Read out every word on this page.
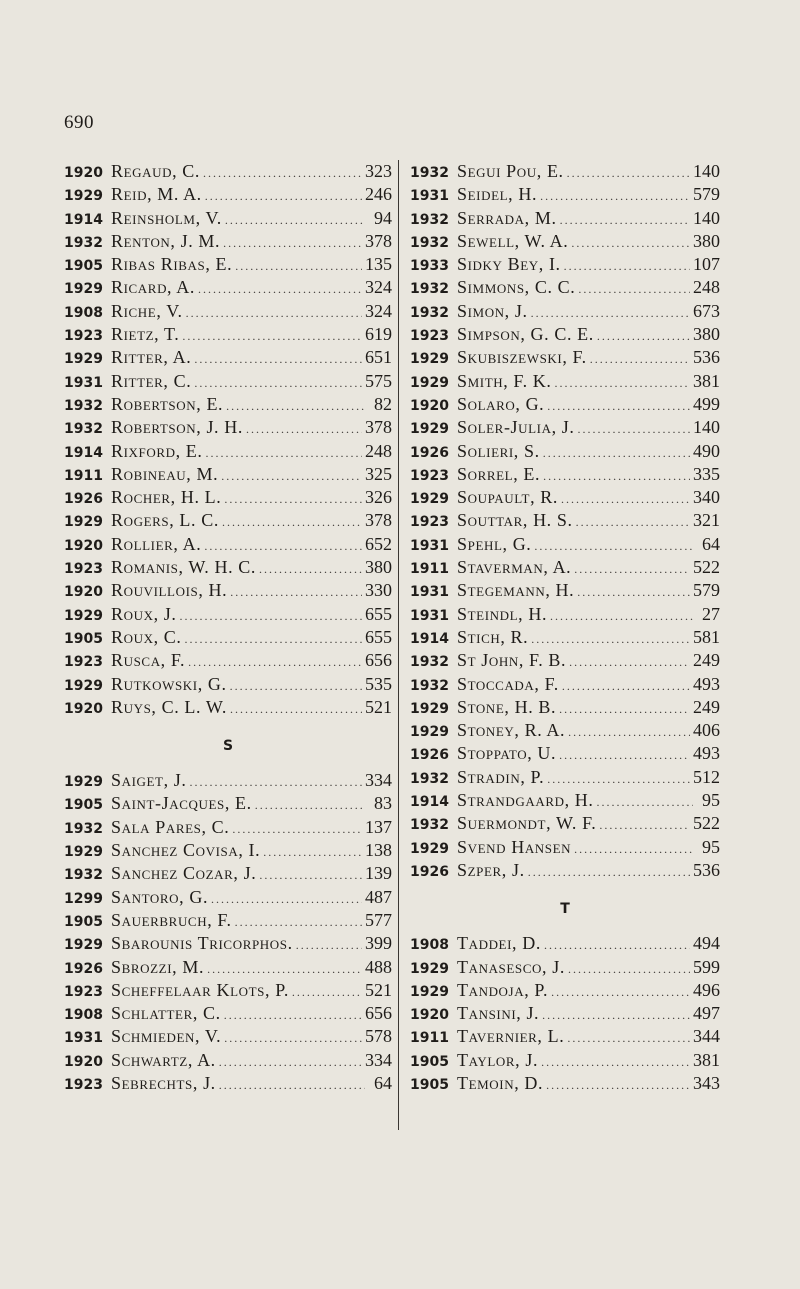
690
1920 Regaud, C. .....	323
1929 Reid, M. A. .....	246
1914 Reinsholm, V. .....	94
1932 Renton, J. M. .....	378
1905 Ribas Ribas, E. .....	135
1929 Ricard, A. .....	324
1908 Riche, V. .....	324
1923 Rietz, T. .....	619
1929 Ritter, A. .....	651
1931 Ritter, C. .....	575
1932 Robertson, E. .....	82
1932 Robertson, J. H. .....	378
1914 Rixford, E. .....	248
1911 Robineau, M. .....	325
1926 Rocher, H. L. .....	326
1929 Rogers, L. C. .....	378
1920 Rollier, A. .....	652
1923 Romanis, W. H. C. .....	380
1920 Rouvillois, H. .....	330
1929 Roux, J. .....	655
1905 Roux, C. .....	655
1923 Rusca, F. .....	656
1929 Rutkowski, G. .....	535
1920 Ruys, C. L. W. .....	521
S
1929 Saiget, J. .....	334
1905 Saint-Jacques, E. .....	83
1932 Sala Pares, C. .....	137
1929 Sanchez Covisa, I. .....	138
1932 Sanchez Cozar, J. .....	139
1299 Santoro, G. .....	487
1905 Sauerbruch, F. .....	577
1929 Sbarounis Tricorphos. .....	399
1926 Sbrozzi, M. .....	488
1923 Scheffelaar Klots, P. .....	521
1908 Schlatter, C. .....	656
1931 Schmieden, V. .....	578
1920 Schwartz, A. .....	334
1923 Sebrechts, J. .....	64
1932 Segui Pou, E. .....	140
1931 Seidel, H. .....	579
1932 Serrada, M. .....	140
1932 Sewell, W. A. .....	380
1933 Sidky Bey, I. .....	107
1932 Simmons, C. C. .....	248
1932 Simon, J. .....	673
1923 Simpson, G. C. E. .....	380
1929 Skubiszewski, F. .....	536
1929 Smith, F. K. .....	381
1920 Solaro, G. .....	499
1929 Soler-Julia, J. .....	140
1926 Solieri, S. .....	490
1923 Sorrel, E. .....	335
1929 Soupault, R. .....	340
1923 Souttar, H. S. .....	321
1931 Spehl, G. .....	64
1911 Staverman, A. .....	522
1931 Stegemann, H. .....	579
1931 Steindl, H. .....	27
1914 Stich, R. .....	581
1932 St John, F. B. .....	249
1932 Stoccada, F. .....	493
1929 Stone, H. B. .....	249
1929 Stoney, R. A. .....	406
1926 Stoppato, U. .....	493
1932 Stradin, P. .....	512
1914 Strandgaard, H. .....	95
1932 Suermondt, W. F. .....	522
1929 Svend Hansen .....	95
1926 Szper, J. .....	536
T
1908 Taddei, D. .....	494
1929 Tanasesco, J. .....	599
1929 Tandoja, P. .....	496
1920 Tansini, J. .....	497
1911 Tavernier, L. .....	344
1905 Taylor, J. .....	381
1905 Temoin, D. .....	343
